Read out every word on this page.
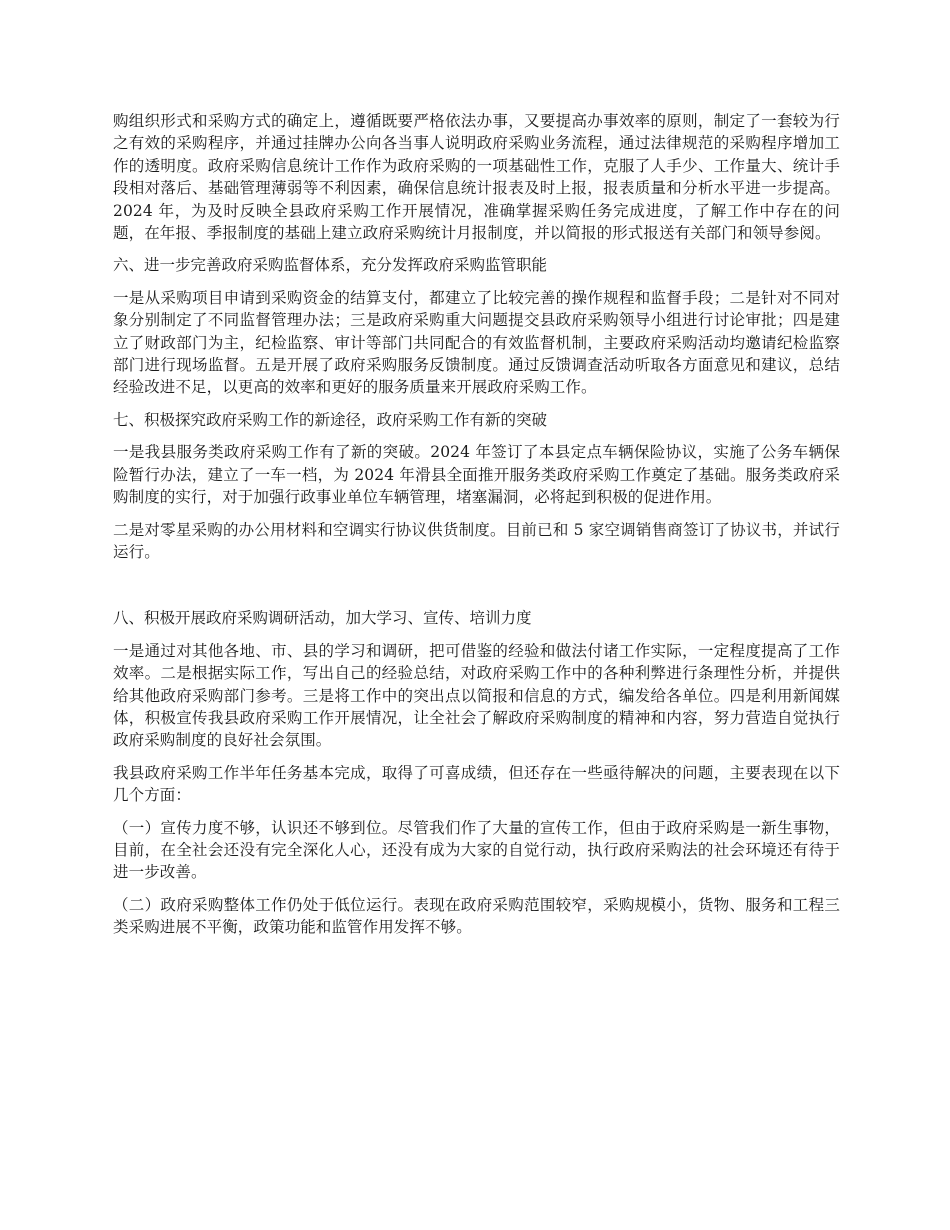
购组织形式和采购方式的确定上，遵循既要严格依法办事，又要提高办事效率的原则，制定了一套较为行之有效的采购程序，并通过挂牌办公向各当事人说明政府采购业务流程，通过法律规范的采购程序增加工作的透明度。政府采购信息统计工作作为政府采购的一项基础性工作，克服了人手少、工作量大、统计手段相对落后、基础管理薄弱等不利因素，确保信息统计报表及时上报，报表质量和分析水平进一步提高。2024 年，为及时反映全县政府采购工作开展情况，准确掌握采购任务完成进度，了解工作中存在的问题，在年报、季报制度的基础上建立政府采购统计月报制度，并以简报的形式报送有关部门和领导参阅。

六、进一步完善政府采购监督体系，充分发挥政府采购监管职能

一是从采购项目申请到采购资金的结算支付，都建立了比较完善的操作规程和监督手段；二是针对不同对象分别制定了不同监督管理办法；三是政府采购重大问题提交县政府采购领导小组进行讨论审批；四是建立了财政部门为主，纪检监察、审计等部门共同配合的有效监督机制，主要政府采购活动均邀请纪检监察部门进行现场监督。五是开展了政府采购服务反馈制度。通过反馈调查活动听取各方面意见和建议，总结经验改进不足，以更高的效率和更好的服务质量来开展政府采购工作。

七、积极探究政府采购工作的新途径，政府采购工作有新的突破

一是我县服务类政府采购工作有了新的突破。2024 年签订了本县定点车辆保险协议，实施了公务车辆保险暂行办法，建立了一车一档，为 2024 年滑县全面推开服务类政府采购工作奠定了基础。服务类政府采购制度的实行，对于加强行政事业单位车辆管理，堵塞漏洞，必将起到积极的促进作用。

二是对零星采购的办公用材料和空调实行协议供货制度。目前已和 5 家空调销售商签订了协议书，并试行运行。

八、积极开展政府采购调研活动，加大学习、宣传、培训力度

一是通过对其他各地、市、县的学习和调研，把可借鉴的经验和做法付诸工作实际，一定程度提高了工作效率。二是根据实际工作，写出自己的经验总结，对政府采购工作中的各种利弊进行条理性分析，并提供给其他政府采购部门参考。三是将工作中的突出点以简报和信息的方式，编发给各单位。四是利用新闻媒体，积极宣传我县政府采购工作开展情况，让全社会了解政府采购制度的精神和内容，努力营造自觉执行政府采购制度的良好社会氛围。

我县政府采购工作半年任务基本完成，取得了可喜成绩，但还存在一些亟待解决的问题，主要表现在以下几个方面：

（一）宣传力度不够，认识还不够到位。尽管我们作了大量的宣传工作，但由于政府采购是一新生事物，目前，在全社会还没有完全深化人心，还没有成为大家的自觉行动，执行政府采购法的社会环境还有待于进一步改善。

（二）政府采购整体工作仍处于低位运行。表现在政府采购范围较窄，采购规模小，货物、服务和工程三类采购进展不平衡，政策功能和监管作用发挥不够。
